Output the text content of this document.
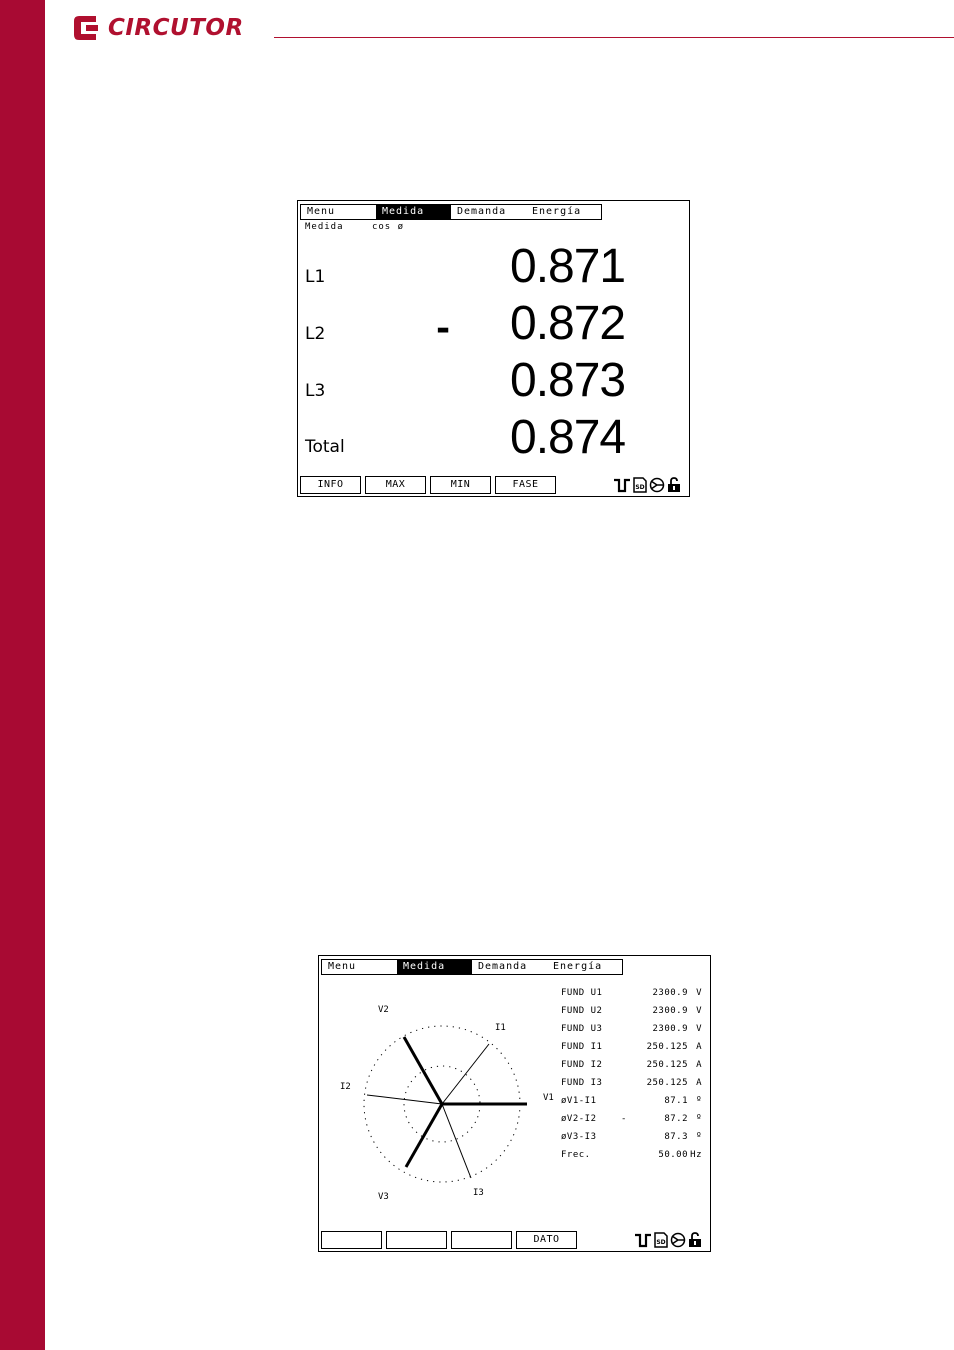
CIRCUTOR
Menu	Medida	Demanda	Energía
Medida	cos ø
L1	0.871
L2	- 0.872
L3	0.873
Total	0.874
INFO	MAX	MIN	FASE	SD
Menu	Medida	Demanda	Energía
V1
V2
V3
I1
I2
I3
FUND U1	2300.9 V
FUND U2	2300.9 V
FUND U3	2300.9 V
FUND I1	250.125 A
FUND I2	250.125 A
FUND I3	250.125 A
øV1-I1	87.1 º
øV2-I2	-	87.2 º
øV3-I3	87.3 º
Frec.	50.00 Hz
DATO	SD
